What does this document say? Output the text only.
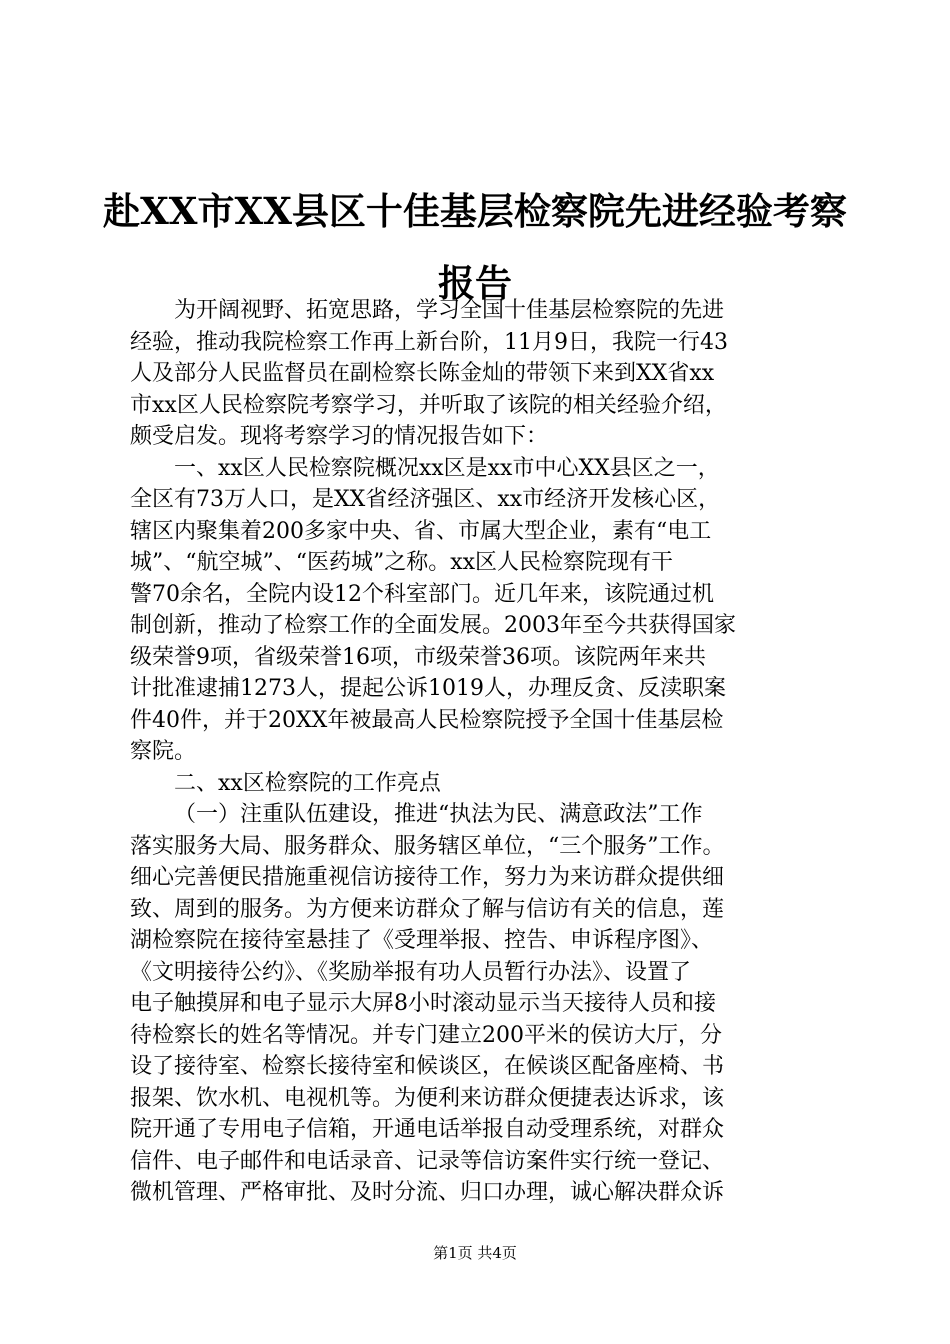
赴XX市XX县区十佳基层检察院先进经验考察
报告
为开阔视野、拓宽思路，学习全国十佳基层检察院的先进
经验，推动我院检察工作再上新台阶，11月9日，我院一行43
人及部分人民监督员在副检察长陈金灿的带领下来到XX省xx
市xx区人民检察院考察学习，并听取了该院的相关经验介绍，
颇受启发。现将考察学习的情况报告如下：
一、xx区人民检察院概况xx区是xx市中心XX县区之一，
全区有73万人口，是XX省经济强区、xx市经济开发核心区，
辖区内聚集着200多家中央、省、市属大型企业，素有“电工
城”、“航空城”、“医药城”之称。xx区人民检察院现有干
警70余名，全院内设12个科室部门。近几年来，该院通过机
制创新，推动了检察工作的全面发展。2003年至今共获得国家
级荣誉9项，省级荣誉16项，市级荣誉36项。该院两年来共
计批准逮捕1273人，提起公诉1019人，办理反贪、反渎职案
件40件，并于20XX年被最高人民检察院授予全国十佳基层检
察院。
二、xx区检察院的工作亮点
（一）注重队伍建设，推进“执法为民、满意政法”工作
落实服务大局、服务群众、服务辖区单位，“三个服务”工作。
细心完善便民措施重视信访接待工作，努力为来访群众提供细
致、周到的服务。为方便来访群众了解与信访有关的信息，莲
湖检察院在接待室悬挂了《受理举报、控告、申诉程序图》、
《文明接待公约》、《奖励举报有功人员暂行办法》、设置了
电子触摸屏和电子显示大屏8小时滚动显示当天接待人员和接
待检察长的姓名等情况。并专门建立200平米的侯访大厅，分
设了接待室、检察长接待室和候谈区，在候谈区配备座椅、书
报架、饮水机、电视机等。为便利来访群众便捷表达诉求，该
院开通了专用电子信箱，开通电话举报自动受理系统，对群众
信件、电子邮件和电话录音、记录等信访案件实行统一登记、
微机管理、严格审批、及时分流、归口办理，诚心解决群众诉
第1页 共4页
